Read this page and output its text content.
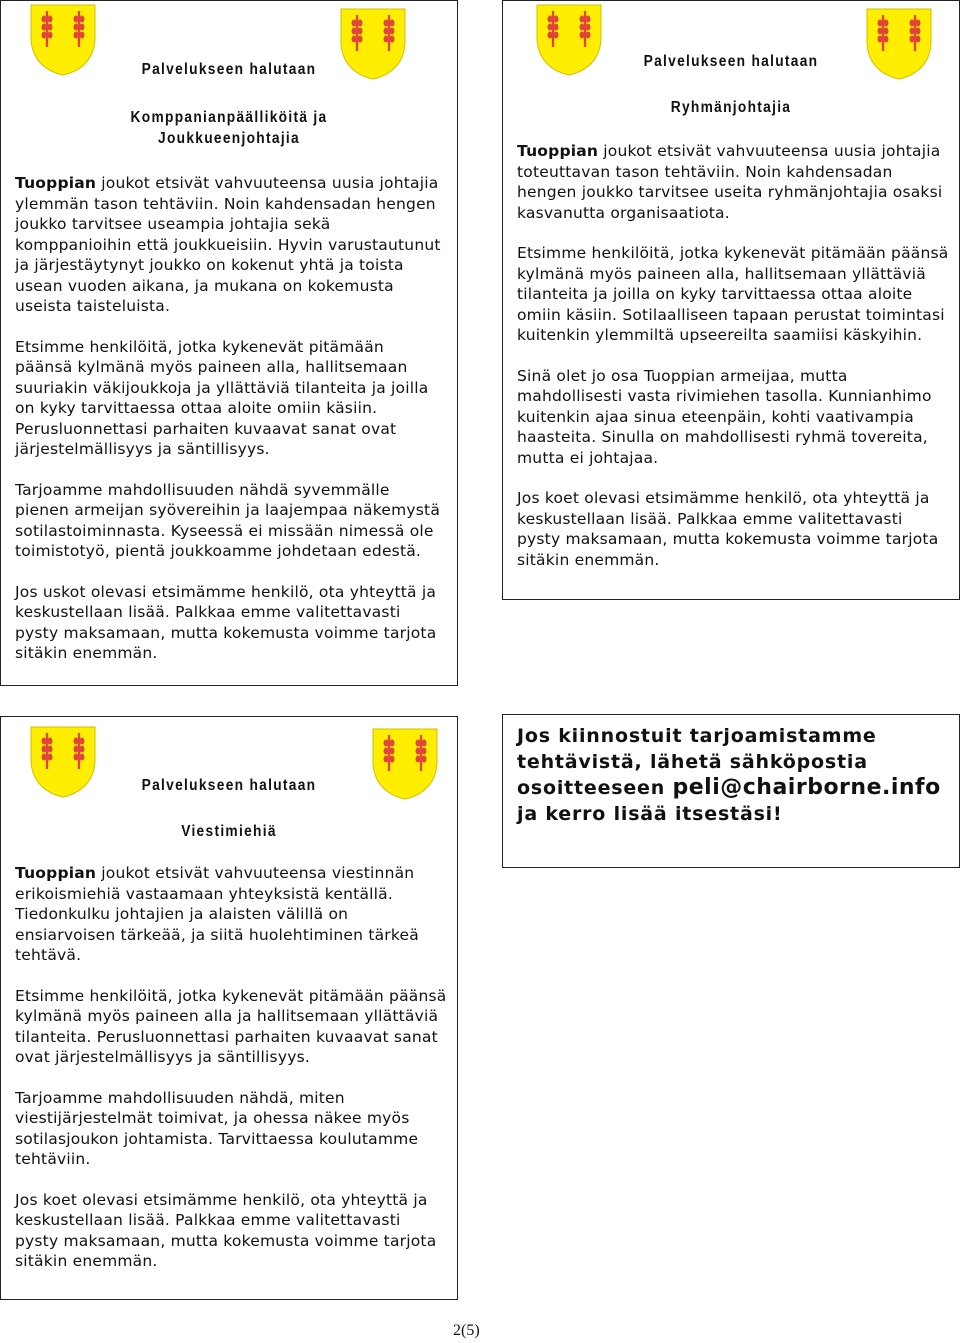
Palvelukseen halutaan
Komppanianpäälliköitä ja
Joukkueenjohtajia

Tuoppian joukot etsivät vahvuuteensa uusia johtajia ylemmän tason tehtäviin. Noin kahdensadan hengen joukko tarvitsee useampia johtajia sekä komppanioihin että joukkueisiin. Hyvin varustautunut ja järjestäytynyt joukko on kokenut yhtä ja toista usean vuoden aikana, ja mukana on kokemusta useista taisteluista.

Etsimme henkilöitä, jotka kykenevät pitämään päänsä kylmänä myös paineen alla, hallitsemaan suuriakin väkijoukkoja ja yllättäviä tilanteita ja joilla on kyky tarvittaessa ottaa aloite omiin käsiin. Perusluonnettasi parhaiten kuvaavat sanat ovat järjestelmällisyys ja säntillisyys.

Tarjoamme mahdollisuuden nähdä syvemmälle pienen armeijan syövereihin ja laajempaa näkemystä sotilastoiminnasta. Kyseessä ei missään nimessä ole toimistotyö, pientä joukkoamme johdetaan edestä.

Jos uskot olevasi etsimämme henkilö, ota yhteyttä ja keskustellaan lisää. Palkkaa emme valitettavasti pysty maksamaan, mutta kokemusta voimme tarjota sitäkin enemmän.

Palvelukseen halutaan
Ryhmänjohtajia

Tuoppian joukot etsivät vahvuuteensa uusia johtajia toteuttavan tason tehtäviin. Noin kahdensadan hengen joukko tarvitsee useita ryhmänjohtajia osaksi kasvanutta organisaatiota.

Etsimme henkilöitä, jotka kykenevät pitämään päänsä kylmänä myös paineen alla, hallitsemaan yllättäviä tilanteita ja joilla on kyky tarvittaessa ottaa aloite omiin käsiin. Sotilaalliseen tapaan perustat toimintasi kuitenkin ylemmiltä upseereilta saamiisi käskyihin.

Sinä olet jo osa Tuoppian armeijaa, mutta mahdollisesti vasta rivimiehen tasolla. Kunnianhimo kuitenkin ajaa sinua eteenpäin, kohti vaativampia haasteita. Sinulla on mahdollisesti ryhmä tovereita, mutta ei johtajaa.

Jos koet olevasi etsimämme henkilö, ota yhteyttä ja keskustellaan lisää. Palkkaa emme valitettavasti pysty maksamaan, mutta kokemusta voimme tarjota sitäkin enemmän.

Palvelukseen halutaan
Viestimiehiä

Tuoppian joukot etsivät vahvuuteensa viestinnän erikoismiehiä vastaamaan yhteyksistä kentällä. Tiedonkulku johtajien ja alaisten välillä on ensiarvoisen tärkeää, ja siitä huolehtiminen tärkeä tehtävä.

Etsimme henkilöitä, jotka kykenevät pitämään päänsä kylmänä myös paineen alla ja hallitsemaan yllättäviä tilanteita. Perusluonnettasi parhaiten kuvaavat sanat ovat järjestelmällisyys ja säntillisyys.

Tarjoamme mahdollisuuden nähdä, miten viestijärjestelmät toimivat, ja ohessa näkee myös sotilasjoukon johtamista. Tarvittaessa koulutamme tehtäviin.

Jos koet olevasi etsimämme henkilö, ota yhteyttä ja keskustellaan lisää. Palkkaa emme valitettavasti pysty maksamaan, mutta kokemusta voimme tarjota sitäkin enemmän.

Jos kiinnostuit tarjoamistamme
tehtävistä, lähetä sähköpostia
osoitteeseen peli@chairborne.info
ja kerro lisää itsestäsi!
2(5)
